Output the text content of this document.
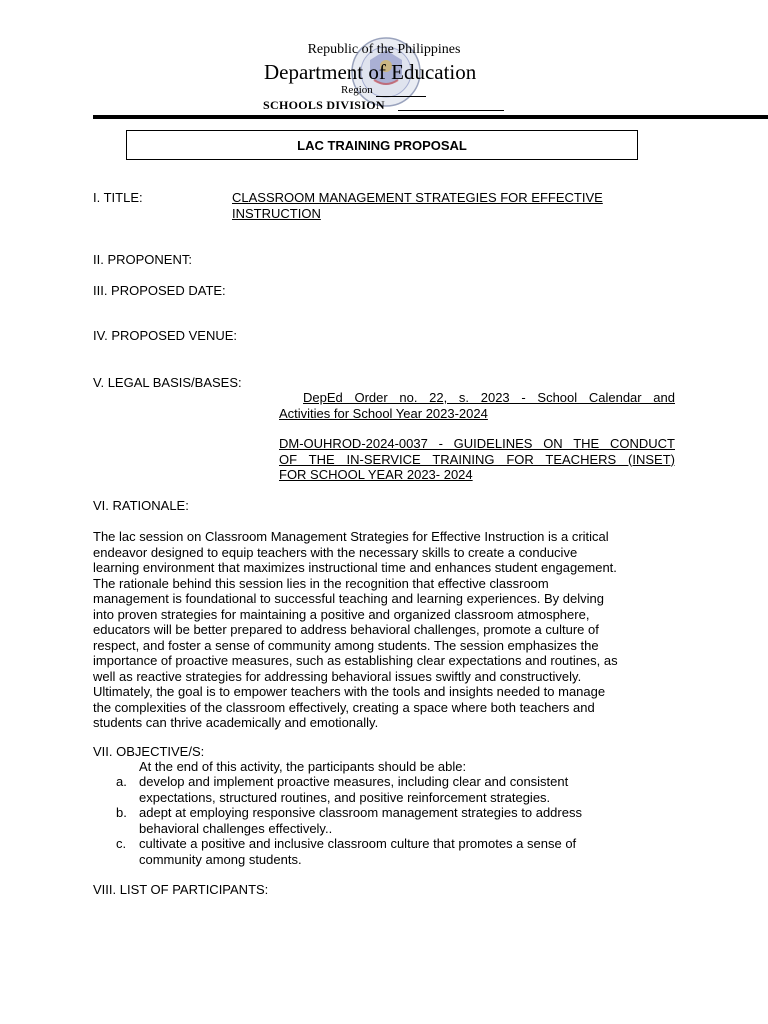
Republic of the Philippines
Department of Education
Region
SCHOOLS DIVISION
LAC TRAINING PROPOSAL
I. TITLE:	CLASSROOM MANAGEMENT STRATEGIES FOR EFFECTIVE
INSTRUCTION
II. PROPONENT:
III. PROPOSED DATE:
IV. PROPOSED VENUE:
V. LEGAL BASIS/BASES:
DepEd Order no. 22, s. 2023 - School Calendar and
Activities for School Year 2023-2024
DM-OUHROD-2024-0037 - GUIDELINES ON THE CONDUCT
OF THE IN-SERVICE TRAINING FOR TEACHERS (INSET)
FOR SCHOOL YEAR 2023- 2024
VI. RATIONALE:
The lac session on Classroom Management Strategies for Effective Instruction is a critical
endeavor designed to equip teachers with the necessary skills to create a conducive
learning environment that maximizes instructional time and enhances student engagement.
The rationale behind this session lies in the recognition that effective classroom
management is foundational to successful teaching and learning experiences. By delving
into proven strategies for maintaining a positive and organized classroom atmosphere,
educators will be better prepared to address behavioral challenges, promote a culture of
respect, and foster a sense of community among students. The session emphasizes the
importance of proactive measures, such as establishing clear expectations and routines, as
well as reactive strategies for addressing behavioral issues swiftly and constructively.
Ultimately, the goal is to empower teachers with the tools and insights needed to manage
the complexities of the classroom effectively, creating a space where both teachers and
students can thrive academically and emotionally.
VII. OBJECTIVE/S:
At the end of this activity, the participants should be able:
a. develop and implement proactive measures, including clear and consistent
expectations, structured routines, and positive reinforcement strategies.
b. adept at employing responsive classroom management strategies to address
behavioral challenges effectively..
c. cultivate a positive and inclusive classroom culture that promotes a sense of
community among students.
VIII. LIST OF PARTICIPANTS:
